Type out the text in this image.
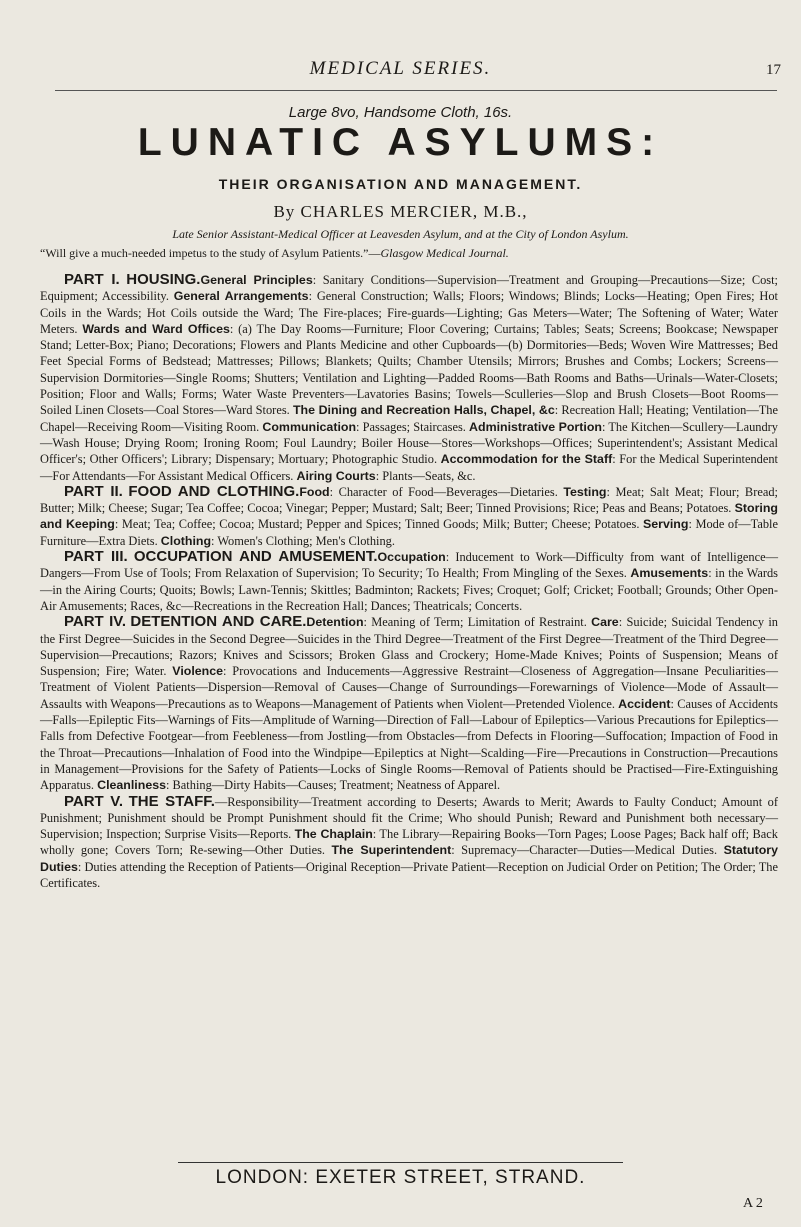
MEDICAL SERIES.	17
Large 8vo, Handsome Cloth, 16s.
LUNATIC ASYLUMS:
THEIR ORGANISATION AND MANAGEMENT.
By CHARLES MERCIER, M.B.,
Late Senior Assistant-Medical Officer at Leavesden Asylum, and at the City of London Asylum.
“Will give a much-needed impetus to the study of Asylum Patients.”—Glasgow Medical Journal.

PART I. HOUSING.General Principles: Sanitary Conditions—Supervision—Treatment and Grouping—Precautions—Size; Cost; Equipment; Accessibility. General Arrangements: General Construction; Walls; Floors; Windows; Blinds; Locks—Heating; Open Fires; Hot Coils in the Wards; Hot Coils outside the Ward; The Fire-places; Fire-guards—Lighting; Gas Meters—Water; The Softening of Water; Water Meters. Wards and Ward Offices: (a) The Day Rooms—Furniture; Floor Covering; Curtains; Tables; Seats; Screens; Bookcase; Newspaper Stand; Letter-Box; Piano; Decorations; Flowers and Plants Medicine and other Cupboards—(b) Dormitories—Beds; Woven Wire Mattresses; Bed Feet Special Forms of Bedstead; Mattresses; Pillows; Blankets; Quilts; Chamber Utensils; Mirrors; Brushes and Combs; Lockers; Screens—Supervision Dormitories—Single Rooms; Shutters; Ventilation and Lighting—Padded Rooms—Bath Rooms and Baths—Urinals—Water-Closets; Position; Floor and Walls; Forms; Water Waste Preventers—Lavatories Basins; Towels—Sculleries—Slop and Brush Closets—Boot Rooms—Soiled Linen Closets—Coal Stores—Ward Stores. The Dining and Recreation Halls, Chapel, &c: Recreation Hall; Heating; Ventilation—The Chapel—Receiving Room—Visiting Room. Communication: Passages; Staircases. Administrative Portion: The Kitchen—Scullery—Laundry—Wash House; Drying Room; Ironing Room; Foul Laundry; Boiler House—Stores—Workshops—Offices; Superintendent's; Assistant Medical Officer's; Other Officers'; Library; Dispensary; Mortuary; Photographic Studio. Accommodation for the Staff: For the Medical Superintendent—For Attendants—For Assistant Medical Officers. Airing Courts: Plants—Seats, &c.

PART II. FOOD AND CLOTHING.Food: Character of Food—Beverages—Dietaries. Testing: Meat; Salt Meat; Flour; Bread; Butter; Milk; Cheese; Sugar; Tea Coffee; Cocoa; Vinegar; Pepper; Mustard; Salt; Beer; Tinned Provisions; Rice; Peas and Beans; Potatoes. Storing and Keeping: Meat; Tea; Coffee; Cocoa; Mustard; Pepper and Spices; Tinned Goods; Milk; Butter; Cheese; Potatoes. Serving: Mode of—Table Furniture—Extra Diets. Clothing: Women's Clothing; Men's Clothing.

PART III. OCCUPATION AND AMUSEMENT.Occupation: Inducement to Work—Difficulty from want of Intelligence—Dangers—From Use of Tools; From Relaxation of Supervision; To Security; To Health; From Mingling of the Sexes. Amusements: in the Wards—in the Airing Courts; Quoits; Bowls; Lawn-Tennis; Skittles; Badminton; Rackets; Fives; Croquet; Golf; Cricket; Football; Grounds; Other Open-Air Amusements; Races, &c—Recreations in the Recreation Hall; Dances; Theatricals; Concerts.

PART IV. DETENTION AND CARE.Detention: Meaning of Term; Limitation of Restraint. Care: Suicide; Suicidal Tendency in the First Degree—Suicides in the Second Degree—Suicides in the Third Degree—Treatment of the First Degree—Treatment of the Third Degree—Supervision—Precautions; Razors; Knives and Scissors; Broken Glass and Crockery; Home-Made Knives; Points of Suspension; Means of Suspension; Fire; Water. Violence: Provocations and Inducements—Aggressive Restraint—Closeness of Aggregation—Insane Peculiarities—Treatment of Violent Patients—Dispersion—Removal of Causes—Change of Surroundings—Forewarnings of Violence—Mode of Assault—Assaults with Weapons—Precautions as to Weapons—Management of Patients when Violent—Pretended Violence. Accident: Causes of Accidents—Falls—Epileptic Fits—Warnings of Fits—Amplitude of Warning—Direction of Fall—Labour of Epileptics—Various Precautions for Epileptics—Falls from Defective Footgear—from Feebleness—from Jostling—from Obstacles—from Defects in Flooring—Suffocation; Impaction of Food in the Throat—Precautions—Inhalation of Food into the Windpipe—Epileptics at Night—Scalding—Fire—Precautions in Construction—Precautions in Management—Provisions for the Safety of Patients—Locks of Single Rooms—Removal of Patients should be Practised—Fire-Extinguishing Apparatus. Cleanliness: Bathing—Dirty Habits—Causes; Treatment; Neatness of Apparel.

PART V. THE STAFF.—Responsibility—Treatment according to Deserts; Awards to Merit; Awards to Faulty Conduct; Amount of Punishment; Punishment should be Prompt Punishment should fit the Crime; Who should Punish; Reward and Punishment both necessary—Supervision; Inspection; Surprise Visits—Reports. The Chaplain: The Library—Repairing Books—Torn Pages; Loose Pages; Back half off; Back wholly gone; Covers Torn; Re-sewing—Other Duties. The Superintendent: Supremacy—Character—Duties—Medical Duties. Statutory Duties: Duties attending the Reception of Patients—Original Reception—Private Patient—Reception on Judicial Order on Petition; The Order; The Certificates.

LONDON: EXETER STREET, STRAND.
A 2
